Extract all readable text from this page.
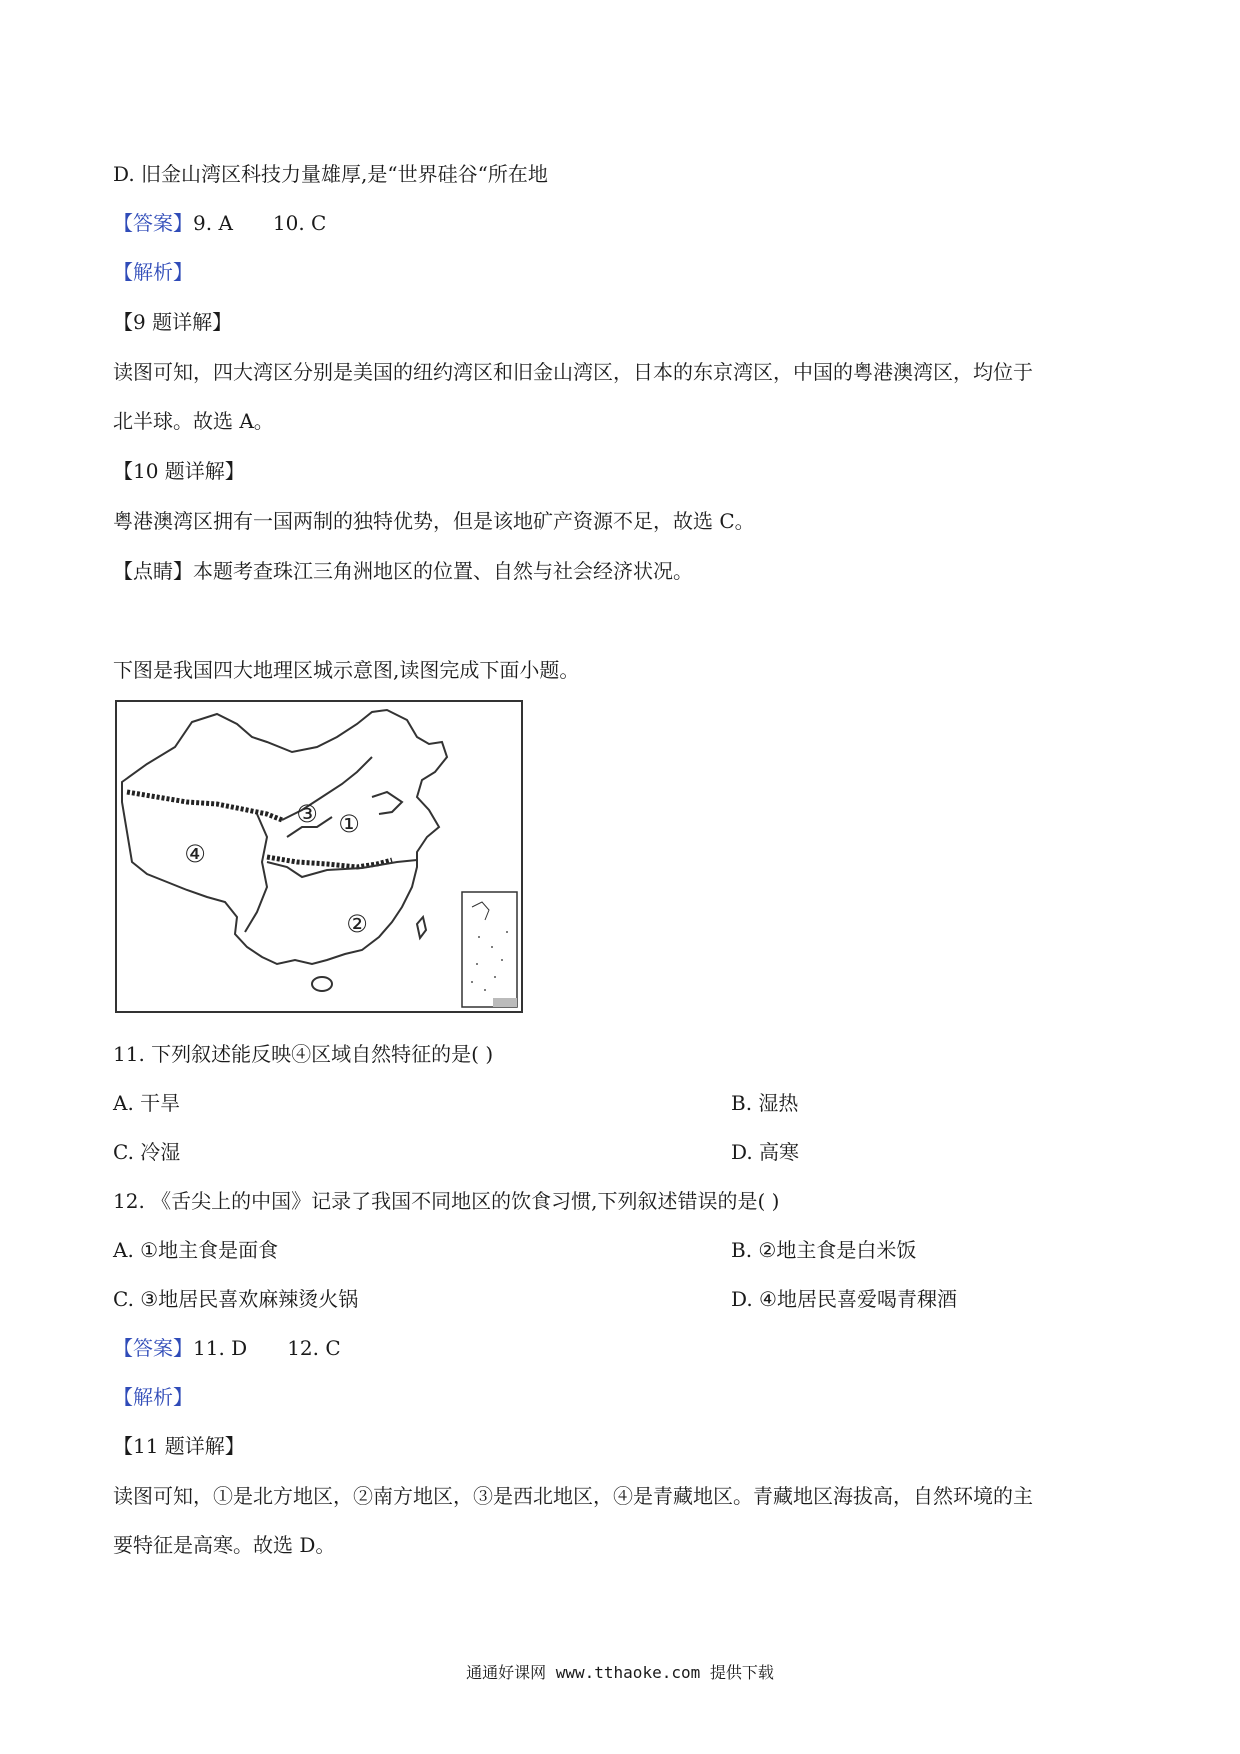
D. 旧金山湾区科技力量雄厚,是“世界硅谷“所在地
【答案】9. A 10. C
【解析】
【9 题详解】
读图可知，四大湾区分别是美国的纽约湾区和旧金山湾区，日本的东京湾区，中国的粤港澳湾区，均位于
北半球。故选 A。
【10 题详解】
粤港澳湾区拥有一国两制的独特优势，但是该地矿产资源不足，故选 C。
【点睛】本题考查珠江三角洲地区的位置、自然与社会经济状况。
下图是我国四大地理区城示意图,读图完成下面小题。
①
②
③
④
11. 下列叙述能反映④区域自然特征的是( )
A. 干旱	B. 湿热
C. 冷湿	D. 高寒
12. 《舌尖上的中国》记录了我国不同地区的饮食习惯,下列叙述错误的是( )
A. ①地主食是面食	B. ②地主食是白米饭
C. ③地居民喜欢麻辣烫火锅	D. ④地居民喜爱喝青稞酒
【答案】11. D 12. C
【解析】
【11 题详解】
读图可知，①是北方地区，②南方地区，③是西北地区，④是青藏地区。青藏地区海拔高，自然环境的主
要特征是高寒。故选 D。
通通好课网 www.tthaoke.com 提供下载
